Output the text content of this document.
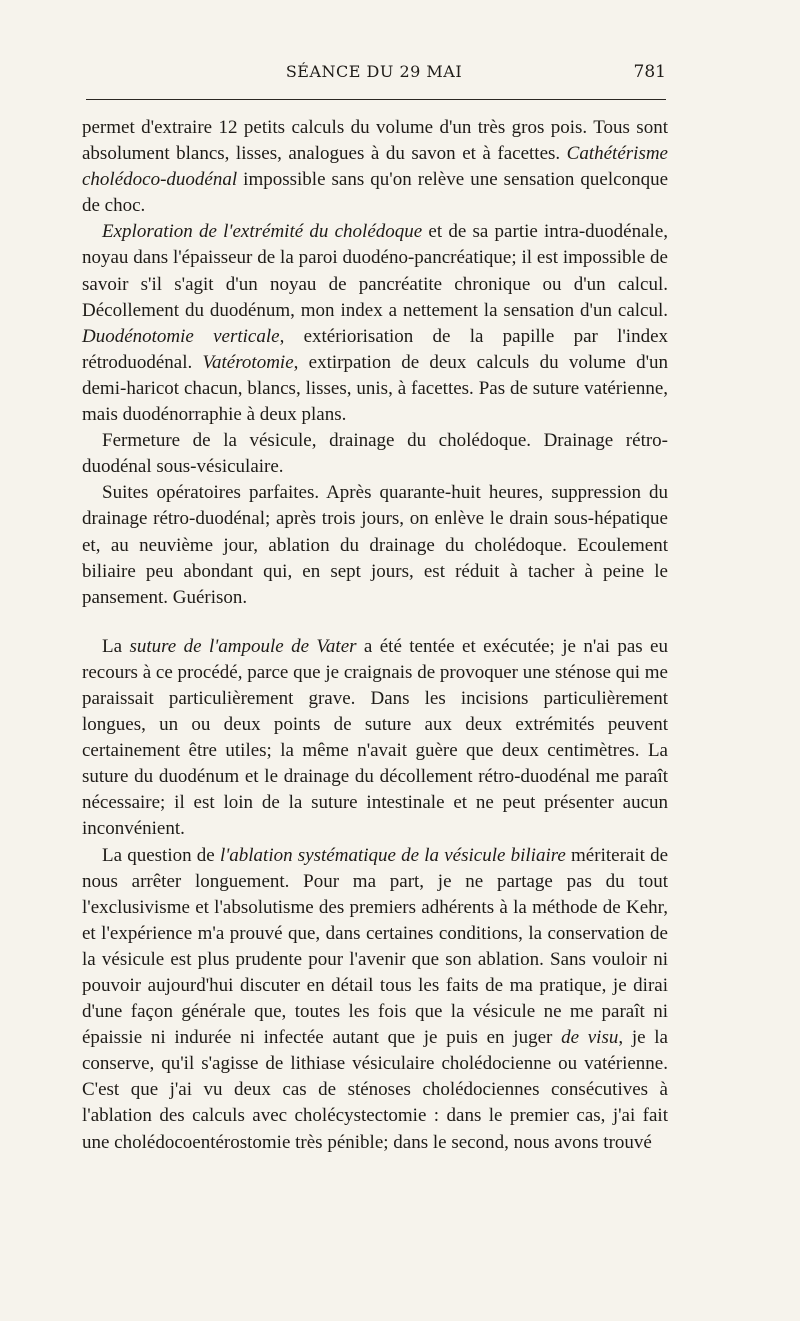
SÉANCE DU 29 MAI	781

permet d'extraire 12 petits calculs du volume d'un très gros pois. Tous sont absolument blancs, lisses, analogues à du savon et à facettes. Cathétérisme cholédoco-duodénal impossible sans qu'on relève une sensation quelconque de choc.

Exploration de l'extrémité du cholédoque et de sa partie intra-duodénale, noyau dans l'épaisseur de la paroi duodéno-pancréatique; il est impossible de savoir s'il s'agit d'un noyau de pancréatite chronique ou d'un calcul. Décollement du duodénum, mon index a nettement la sensation d'un calcul. Duodénotomie verticale, extériorisation de la papille par l'index rétroduodénal. Vatérotomie, extirpation de deux calculs du volume d'un demi-haricot chacun, blancs, lisses, unis, à facettes. Pas de suture vatérienne, mais duodénorraphie à deux plans.

Fermeture de la vésicule, drainage du cholédoque. Drainage rétro-duodénal sous-vésiculaire.

Suites opératoires parfaites. Après quarante-huit heures, suppression du drainage rétro-duodénal; après trois jours, on enlève le drain sous-hépatique et, au neuvième jour, ablation du drainage du cholédoque. Ecoulement biliaire peu abondant qui, en sept jours, est réduit à tacher à peine le pansement. Guérison.

La suture de l'ampoule de Vater a été tentée et exécutée; je n'ai pas eu recours à ce procédé, parce que je craignais de provoquer une sténose qui me paraissait particulièrement grave. Dans les incisions particulièrement longues, un ou deux points de suture aux deux extrémités peuvent certainement être utiles; la même n'avait guère que deux centimètres. La suture du duodénum et le drainage du décollement rétro-duodénal me paraît nécessaire; il est loin de la suture intestinale et ne peut présenter aucun inconvénient.

La question de l'ablation systématique de la vésicule biliaire mériterait de nous arrêter longuement. Pour ma part, je ne partage pas du tout l'exclusivisme et l'absolutisme des premiers adhérents à la méthode de Kehr, et l'expérience m'a prouvé que, dans certaines conditions, la conservation de la vésicule est plus prudente pour l'avenir que son ablation. Sans vouloir ni pouvoir aujourd'hui discuter en détail tous les faits de ma pratique, je dirai d'une façon générale que, toutes les fois que la vésicule ne me paraît ni épaissie ni indurée ni infectée autant que je puis en juger de visu, je la conserve, qu'il s'agisse de lithiase vésiculaire cholédocienne ou vatérienne. C'est que j'ai vu deux cas de sténoses cholédociennes consécutives à l'ablation des calculs avec cholécystectomie : dans le premier cas, j'ai fait une cholédocoentérostomie très pénible; dans le second, nous avons trouvé
